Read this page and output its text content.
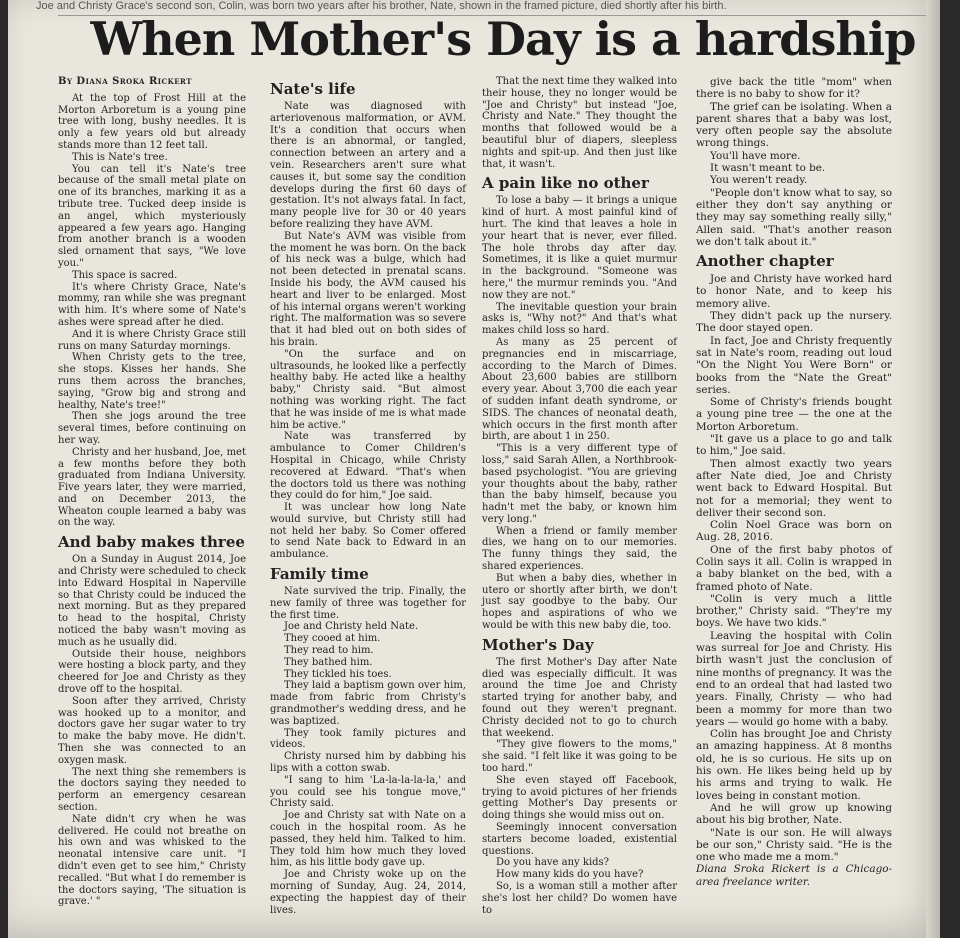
Joe and Christy Grace's second son, Colin, was born two years after his brother, Nate, shown in the framed picture, died shortly after his birth.
When Mother's Day is a hardship
By Diana Sroka Rickert

At the top of Frost Hill at the Morton Arboretum is a young pine tree with long, bushy needles. It is only a few years old but already stands more than 12 feet tall.

This is Nate's tree.

You can tell it's Nate's tree because of the small metal plate on one of its branches, marking it as a tribute tree. Tucked deep inside is an angel, which mysteriously appeared a few years ago. Hanging from another branch is a wooden sled ornament that says, "We love you."

This space is sacred.

It's where Christy Grace, Nate's mommy, ran while she was pregnant with him. It's where some of Nate's ashes were spread after he died.

And it is where Christy Grace still runs on many Saturday mornings.

When Christy gets to the tree, she stops. Kisses her hands. She runs them across the branches, saying, "Grow big and strong and healthy, Nate's tree!"

Then she jogs around the tree several times, before continuing on her way.

Christy and her husband, Joe, met a few months before they both graduated from Indiana University. Five years later, they were married, and on December 2013, the Wheaton couple learned a baby was on the way.

And baby makes three

On a Sunday in August 2014, Joe and Christy were scheduled to check into Edward Hospital in Naperville so that Christy could be induced the next morning. But as they prepared to head to the hospital, Christy noticed the baby wasn't moving as much as he usually did.

Outside their house, neighbors were hosting a block party, and they cheered for Joe and Christy as they drove off to the hospital.

Soon after they arrived, Christy was hooked up to a monitor, and doctors gave her sugar water to try to make the baby move. He didn't. Then she was connected to an oxygen mask.

The next thing she remembers is the doctors saying they needed to perform an emergency cesarean section.

Nate didn't cry when he was delivered. He could not breathe on his own and was whisked to the neonatal intensive care unit. "I didn't even get to see him," Christy recalled. "But what I do remember is the doctors saying, 'The situation is grave.' "

Nate's life

Nate was diagnosed with arteriovenous malformation, or AVM. It's a condition that occurs when there is an abnormal, or tangled, connection between an artery and a vein. Researchers aren't sure what causes it, but some say the condition develops during the first 60 days of gestation. It's not always fatal. In fact, many people live for 30 or 40 years before realizing they have AVM.

But Nate's AVM was visible from the moment he was born. On the back of his neck was a bulge, which had not been detected in prenatal scans. Inside his body, the AVM caused his heart and liver to be enlarged. Most of his internal organs weren't working right. The malformation was so severe that it had bled out on both sides of his brain.

"On the surface and on ultrasounds, he looked like a perfectly healthy baby. He acted like a healthy baby," Christy said. "But almost nothing was working right. The fact that he was inside of me is what made him be active."

Nate was transferred by ambulance to Comer Children's Hospital in Chicago, while Christy recovered at Edward. "That's when the doctors told us there was nothing they could do for him," Joe said.

It was unclear how long Nate would survive, but Christy still had not held her baby. So Comer offered to send Nate back to Edward in an ambulance.

Family time

Nate survived the trip. Finally, the new family of three was together for the first time.

Joe and Christy held Nate.

They cooed at him.

They read to him.

They bathed him.

They tickled his toes.

They laid a baptism gown over him, made from fabric from Christy's grandmother's wedding dress, and he was baptized.

They took family pictures and videos.

Christy nursed him by dabbing his lips with a cotton swab.

"I sang to him 'La-la-la-la-la,' and you could see his tongue move," Christy said.

Joe and Christy sat with Nate on a couch in the hospital room. As he passed, they held him. Talked to him. They told him how much they loved him, as his little body gave up.

Joe and Christy woke up on the morning of Sunday, Aug. 24, 2014, expecting the happiest day of their lives.

That the next time they walked into their house, they no longer would be "Joe and Christy" but instead "Joe, Christy and Nate." They thought the months that followed would be a beautiful blur of diapers, sleepless nights and spit-up. And then just like that, it wasn't.

A pain like no other

To lose a baby — it brings a unique kind of hurt. A most painful kind of hurt. The kind that leaves a hole in your heart that is never, ever filled. The hole throbs day after day. Sometimes, it is like a quiet murmur in the background. "Someone was here," the murmur reminds you. "And now they are not."

The inevitable question your brain asks is, "Why not?" And that's what makes child loss so hard.

As many as 25 percent of pregnancies end in miscarriage, according to the March of Dimes. About 23,600 babies are stillborn every year. About 3,700 die each year of sudden infant death syndrome, or SIDS. The chances of neonatal death, which occurs in the first month after birth, are about 1 in 250.

"This is a very different type of loss," said Sarah Allen, a Northbrook-based psychologist. "You are grieving your thoughts about the baby, rather than the baby himself, because you hadn't met the baby, or known him very long."

When a friend or family member dies, we hang on to our memories. The funny things they said, the shared experiences.

But when a baby dies, whether in utero or shortly after birth, we don't just say goodbye to the baby. Our hopes and aspirations of who we would be with this new baby die, too.

Mother's Day

The first Mother's Day after Nate died was especially difficult. It was around the time Joe and Christy started trying for another baby, and found out they weren't pregnant. Christy decided not to go to church that weekend.

"They give flowers to the moms," she said. "I felt like it was going to be too hard."

She even stayed off Facebook, trying to avoid pictures of her friends getting Mother's Day presents or doing things she would miss out on.

Seemingly innocent conversation starters become loaded, existential questions.

Do you have any kids?

How many kids do you have?

So, is a woman still a mother after she's lost her child? Do women have to

give back the title "mom" when there is no baby to show for it?

The grief can be isolating. When a parent shares that a baby was lost, very often people say the absolute wrong things.

You'll have more.

It wasn't meant to be.

You weren't ready.

"People don't know what to say, so either they don't say anything or they may say something really silly," Allen said. "That's another reason we don't talk about it."

Another chapter

Joe and Christy have worked hard to honor Nate, and to keep his memory alive.

They didn't pack up the nursery. The door stayed open.

In fact, Joe and Christy frequently sat in Nate's room, reading out loud "On the Night You Were Born" or books from the "Nate the Great" series.

Some of Christy's friends bought a young pine tree — the one at the Morton Arboretum.

"It gave us a place to go and talk to him," Joe said.

Then almost exactly two years after Nate died, Joe and Christy went back to Edward Hospital. But not for a memorial; they went to deliver their second son.

Colin Noel Grace was born on Aug. 28, 2016.

One of the first baby photos of Colin says it all. Colin is wrapped in a baby blanket on the bed, with a framed photo of Nate.

"Colin is very much a little brother," Christy said. "They're my boys. We have two kids."

Leaving the hospital with Colin was surreal for Joe and Christy. His birth wasn't just the conclusion of nine months of pregnancy. It was the end to an ordeal that had lasted two years. Finally, Christy — who had been a mommy for more than two years — would go home with a baby.

Colin has brought Joe and Christy an amazing happiness. At 8 months old, he is so curious. He sits up on his own. He likes being held up by his arms and trying to walk. He loves being in constant motion.

And he will grow up knowing about his big brother, Nate.

"Nate is our son. He will always be our son," Christy said. "He is the one who made me a mom."

Diana Sroka Rickert is a Chicago-area freelance writer.
